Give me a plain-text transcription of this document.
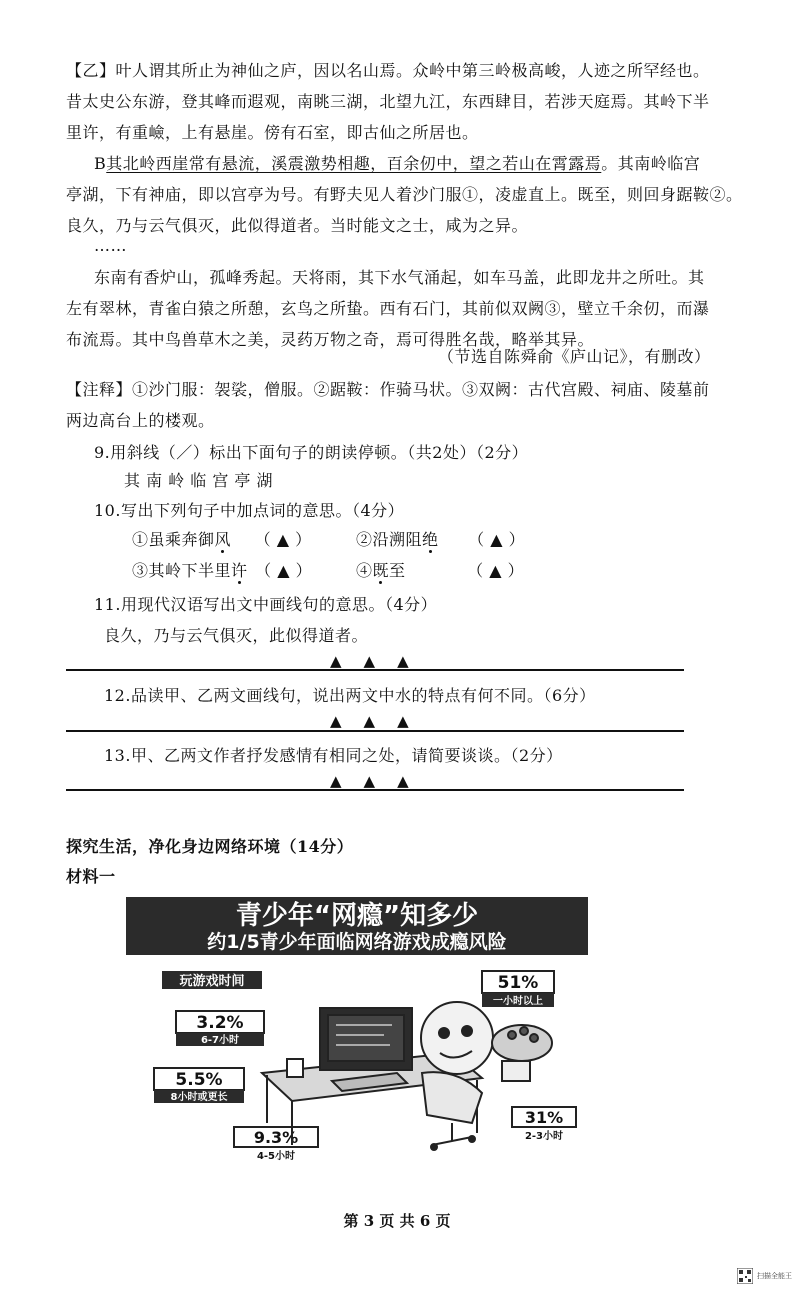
【乙】叶人谓其所止为神仙之庐，因以名山焉。众岭中第三岭极高峻，人迹之所罕经也。
昔太史公东游，登其峰而遐观，南眺三湖，北望九江，东西肆目，若涉天庭焉。其岭下半
里许，有重嶮，上有悬崖。傍有石室，即古仙之所居也。
B其北岭西崖常有悬流，溪震激势相趣，百余仞中，望之若山在霄露焉。其南岭临宫
亭湖，下有神庙，即以宫亭为号。有野夫见人着沙门服①，凌虚直上。既至，则回身踞鞍②。
良久，乃与云气俱灭，此似得道者。当时能文之士，咸为之异。
……
东南有香炉山，孤峰秀起。天将雨，其下水气涌起，如车马盖，此即龙井之所吐。其
左有翠林，青雀白猿之所憩，玄鸟之所蛰。西有石门，其前似双阙③，壁立千余仞，而瀑
布流焉。其中鸟兽草木之美，灵药万物之奇，焉可得胜名哉，略举其异。
（节选自陈舜俞《庐山记》，有删改）
【注释】①沙门服：袈裟，僧服。②踞鞍：作骑马状。③双阙：古代宫殿、祠庙、陵墓前
两边高台上的楼观。
9.用斜线（／）标出下面句子的朗读停顿。（共2处）（2分）
其 南 岭 临 宫 亭 湖
10.写出下列句子中加点词的意思。（4分）
①虽乘奔御风 （ ▲ ）	②沿溯阻绝 （ ▲ ）
③其岭下半里许 （ ▲ ）	④既至	（ ▲ ）
11.用现代汉语写出文中画线句的意思。（4分）
良久，乃与云气俱灭，此似得道者。
▲▲▲
12.品读甲、乙两文画线句，说出两文中水的特点有何不同。（6分）
▲▲▲
13.甲、乙两文作者抒发感情有相同之处，请简要谈谈。（2分）
▲▲▲
探究生活，净化身边网络环境（14分）
材料一
青少年“网瘾”知多少
约1/5青少年面临网络游戏成瘾风险
玩游戏时间	51%
一小时以上
3.2%
6-7小时
5.5%
8小时或更长
9.3%
4-5小时
31%
2-3小时
第 3 页 共 6 页
扫描全能王
